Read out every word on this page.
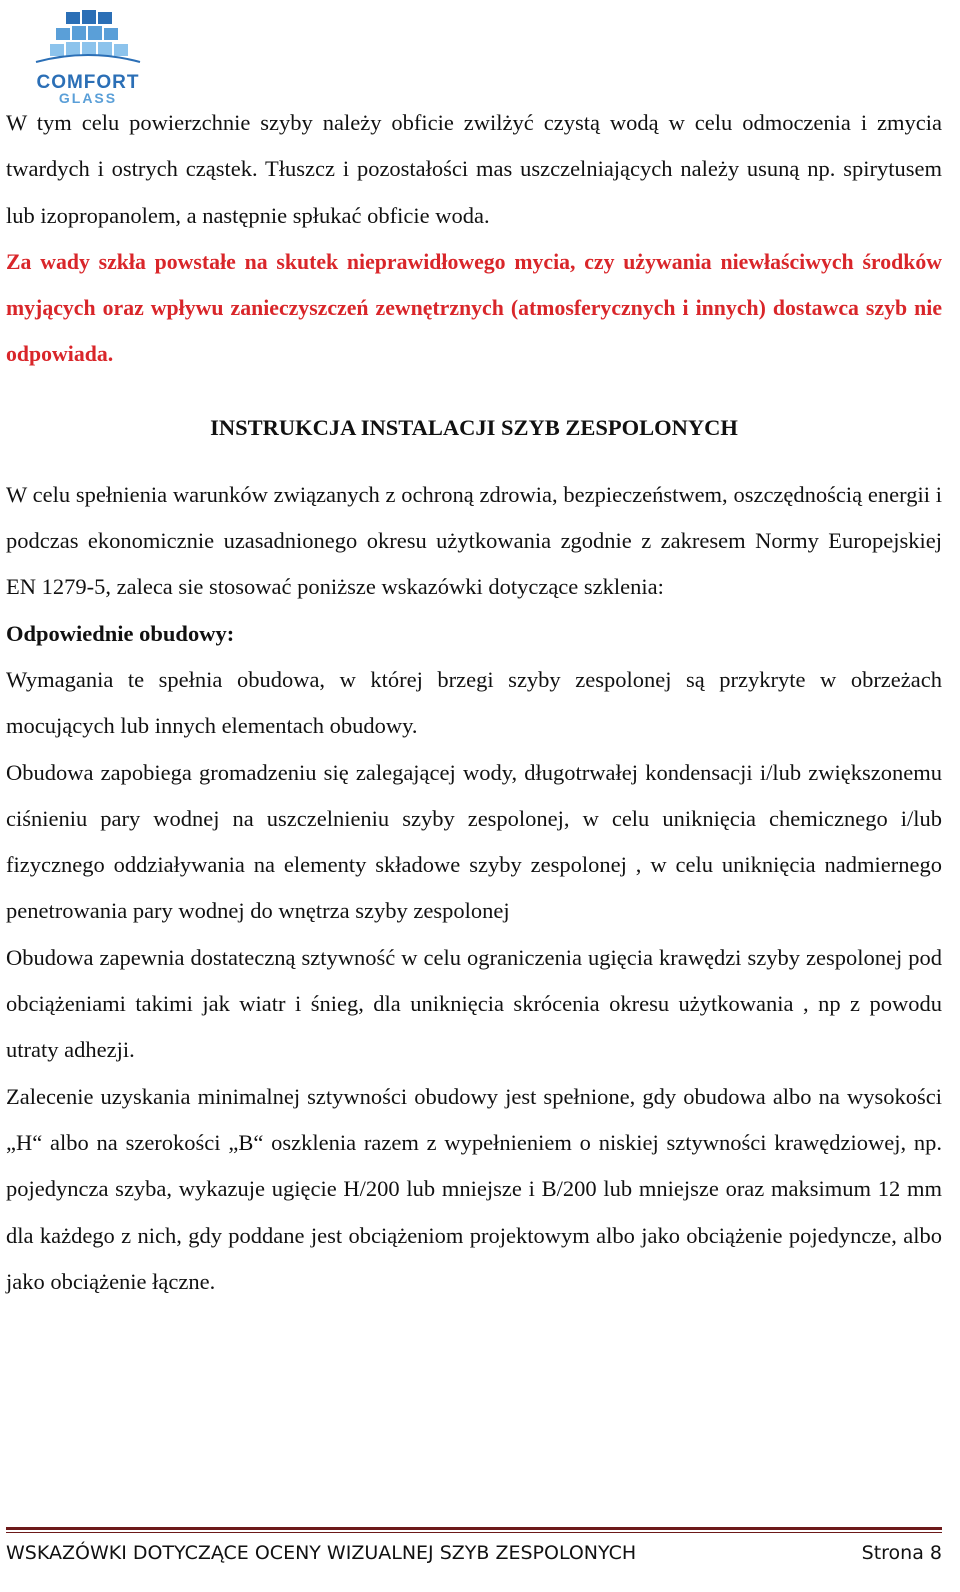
COMFORT
GLASS

W tym celu powierzchnie szyby należy obficie zwilżyć czystą wodą w celu odmoczenia i zmycia twardych i ostrych cząstek. Tłuszcz i pozostałości mas uszczelniających należy usuną np. spirytusem lub izopropanolem, a następnie spłukać obficie woda.

Za wady szkła powstałe na skutek nieprawidłowego mycia, czy używania niewłaściwych środków myjących oraz wpływu zanieczyszczeń zewnętrznych (atmosferycznych i innych) dostawca szyb nie odpowiada.

INSTRUKCJA INSTALACJI SZYB ZESPOLONYCH

W celu spełnienia warunków związanych z ochroną zdrowia, bezpieczeństwem, oszczędnością energii i podczas ekonomicznie uzasadnionego okresu użytkowania zgodnie z zakresem Normy Europejskiej EN 1279-5, zaleca sie stosować poniższe wskazówki dotyczące szklenia:

Odpowiednie obudowy:

Wymagania te spełnia obudowa, w której brzegi szyby zespolonej są przykryte w obrzeżach mocujących lub innych elementach obudowy.

Obudowa zapobiega gromadzeniu się zalegającej wody, długotrwałej kondensacji i/lub zwiększonemu ciśnieniu pary wodnej na uszczelnieniu szyby zespolonej, w celu uniknięcia chemicznego i/lub fizycznego oddziaływania na elementy składowe szyby zespolonej , w celu uniknięcia nadmiernego penetrowania pary wodnej do wnętrza szyby zespolonej

Obudowa zapewnia dostateczną sztywność w celu ograniczenia ugięcia krawędzi szyby zespolonej pod obciążeniami takimi jak wiatr i śnieg, dla uniknięcia skrócenia okresu użytkowania , np z powodu utraty adhezji.

Zalecenie uzyskania minimalnej sztywności obudowy jest spełnione, gdy obudowa albo na wysokości „H“ albo na szerokości „B“ oszklenia razem z wypełnieniem o niskiej sztywności krawędziowej, np. pojedyncza szyba, wykazuje ugięcie H/200 lub mniejsze i B/200 lub mniejsze oraz maksimum 12 mm dla każdego z nich, gdy poddane jest obciążeniom projektowym albo jako obciążenie pojedyncze, albo jako obciążenie łączne.

WSKAZÓWKI DOTYCZĄCE OCENY WIZUALNEJ SZYB ZESPOLONYCH	Strona 8
